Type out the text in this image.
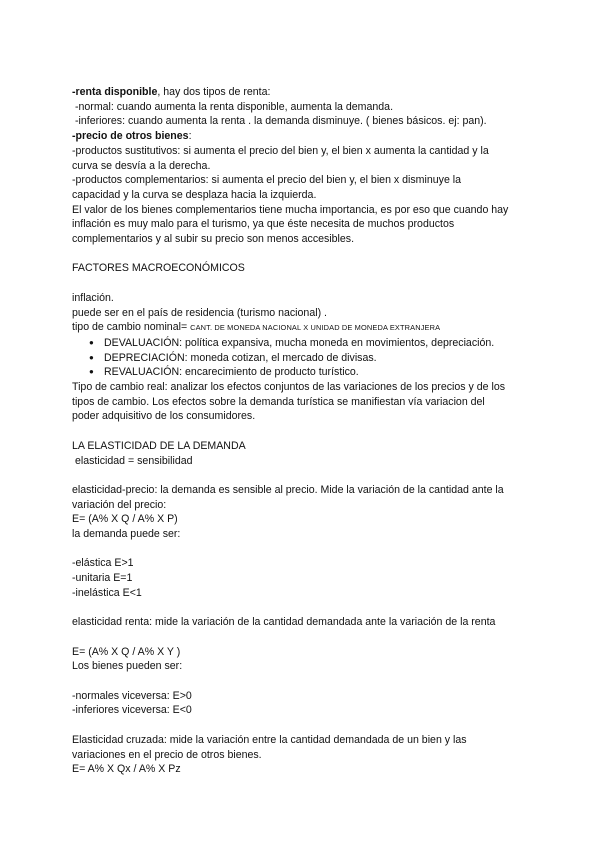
-renta disponible, hay dos tipos de renta:
-normal: cuando aumenta la renta disponible, aumenta la demanda.
-inferiores: cuando aumenta la renta . la demanda disminuye. ( bienes básicos. ej: pan).
-precio de otros bienes:
-productos sustitutivos: si aumenta el precio del bien y, el bien x aumenta la cantidad y la
curva se desvía a la derecha.
-productos complementarios: si aumenta el precio del bien y, el bien x disminuye la
capacidad y la curva se desplaza hacia la izquierda.
El valor de los bienes complementarios tiene mucha importancia, es por eso que cuando hay
inflación es muy malo para el turismo, ya que éste necesita de muchos productos
complementarios y al subir su precio son menos accesibles.
FACTORES MACROECONÓMICOS
inflación.
puede ser en el país de residencia (turismo nacional) .
tipo de cambio nominal= CANT. DE MONEDA NACIONAL X UNIDAD DE MONEDA EXTRANJERA
● DEVALUACIÓN: política expansiva, mucha moneda en movimientos, depreciación.
● DEPRECIACIÓN: moneda cotizan, el mercado de divisas.
● REVALUACIÓN: encarecimiento de producto turístico.
Tipo de cambio real: analizar los efectos conjuntos de las variaciones de los precios y de los
tipos de cambio. Los efectos sobre la demanda turística se manifiestan vía variacion del
poder adquisitivo de los consumidores.
LA ELASTICIDAD DE LA DEMANDA
elasticidad = sensibilidad
elasticidad-precio: la demanda es sensible al precio. Mide la variación de la cantidad ante la
variación del precio:
E= (A% X Q / A% X P)
la demanda puede ser:
-elástica E>1
-unitaria E=1
-inelástica E<1
elasticidad renta: mide la variación de la cantidad demandada ante la variación de la renta
E= (A% X Q / A% X Y )
Los bienes pueden ser:
-normales viceversa: E>0
-inferiores viceversa: E<0
Elasticidad cruzada: mide la variación entre la cantidad demandada de un bien y las
variaciones en el precio de otros bienes.
E= A% X Qx / A% X Pz
